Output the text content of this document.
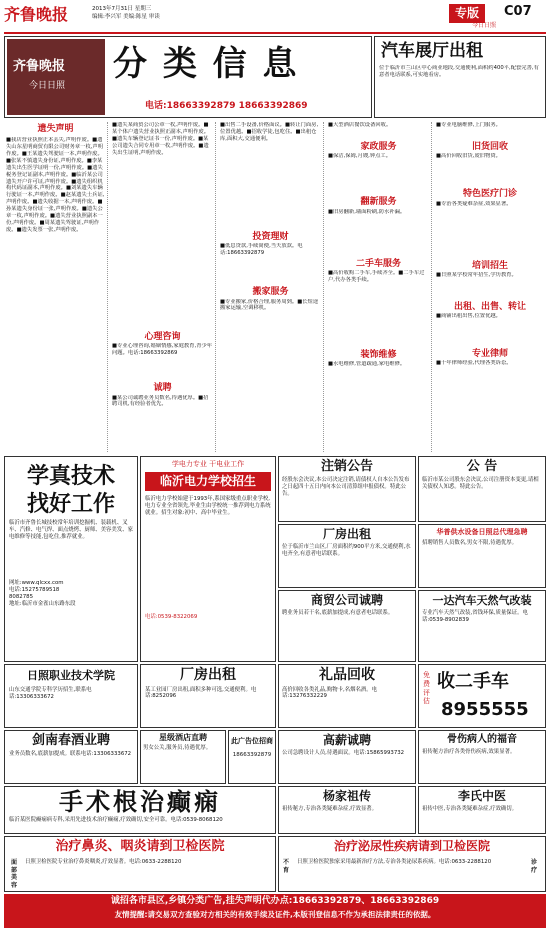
齐鲁晚报	2013年7月31日 星期三
编辑:李兴军 美编:陈星 审读	专版	C07
今日日照
齐鲁晚报
今日日照
分 类 信 息
电话:18663392879 18663392869
汽车展厅出租
位于临沂市兰山区中心商业地段,交通便利,面积约400平,配套完善,有意者电话联系,可实地看房。
遗失声明
■我店营业执照正本丢失,声明作废。■遗失山东星明商贸有限公司财务章一枚,声明作废。■王某遗失驾驶证一本,声明作废。■张某不慎遗失身份证,声明作废。■李某遗失出生医学证明一份,声明作废。■遗失税务登记证副本,声明作废。■临沂某公司遗失开户许可证,声明作废。■遗失组织机构代码证副本,声明作废。■刘某遗失车辆行驶证一本,声明作废。■赵某遗失士兵证,声明作废。■遗失收据一本,声明作废。■孙某遗失身份证一张,声明作废。■遗失公章一枚,声明作废。■遗失营业执照副本一份,声明作废。■周某遗失驾驶证,声明作废。■遗失发票一张,声明作废。
■遗失某商贸公司公章一枚,声明作废。■某个体户遗失营业执照正副本,声明作废。■遗失车辆登记证书一份,声明作废。■某公司遗失合同专用章一枚,声明作废。■遗失出生证明,声明作废。
心理咨询
■专业心理咨询,婚姻情感,家庭教育,青少年问题。电话:18663392869
诚聘
■某公司诚聘业务员数名,待遇优厚。■招聘司机,有经验者优先。
■出售二手设备,价格面议。■转让门面房,位置优越。■招收学徒,包吃住。■出租仓库,面积大,交通便利。
投资理财
■低息贷款,手续简便,当天放款。电话:18663392879
搬家服务
■专业搬家,价格合理,服务周到。■长短途搬家运输,空调移机。
■大型酒店餐饮设备回收。
家政服务
■保洁,保姆,月嫂,钟点工。
翻新服务
■旧房翻新,墙面粉刷,防水补漏。
二手车服务
■高价收购二手车,手续齐全。■二手车过户,代办各类手续。
装饰维修
■水电维修,管道疏通,家电维修。
■专业电脑维修,上门服务。
旧货回收
■高价回收旧货,废旧物资。
特色医疗门诊
■专治各类疑难杂症,效果显著。
培训招生
■日照某学校常年招生,学历教育。
出租、出售、转让
■商铺出租出售,位置优越。
专业律师
■十年律师经验,代理各类诉讼。
学真技术
找好工作
临沂市齐鲁长城技校常年培训挖掘机、装载机、叉车、汽修、电气焊、面点烧烤、厨师、美容美发、家电维修等技能,包吃住,推荐就业。
网址:www.qlcxx.com
电话:15275789518
8082785
地址:临沂市金雀山东路东段
学电力专业 干电业工作
临沂电力学校招生
临沂电力学校始建于1993年,系国家级重点职业学校,电力专业全省领先,毕业生由学校统一推荐到电力系统就业。招生对象:初中、高中毕业生。
电话:0539-8322069
注销公告
经股东会决议,本公司决定注销,请债权人自本公告发布之日起四十五日内向本公司清算组申报债权。特此公告。
公 告
临沂市某公司股东会决议,公司注册资本变更,请相关债权人知悉。特此公告。
厂房出租
位于临沂市兰山区,厂房面积约900平方米,交通便利,水电齐全,有意者电话联系。
华普供水设备日照总代理急聘
招聘销售人员数名,男女不限,待遇优厚。
商贸公司诚聘
聘业务员若干名,底薪加提成,有意者电话联系。
一达汽车天然气改装
专业汽车天然气改装,省钱环保,质量保证。电话:0539-8902839
日照职业技术学院
山东交通学院专科学历招生,联系电话:13306333672
厂房出租
某工业园厂房出租,面积多种可选,交通便利。电话:8252096
礼品回收
高价回收各类礼品,购物卡,名烟名酒。电话:13276332229
免费评估
收二手车
8955555
剑南春酒业聘
业务员数名,底薪加提成。联系电话:13306333672
星级酒店直聘
男女公关,服务员,待遇优厚。
此广告位招商
18663392879
高薪诚聘
公司急聘设计人员,待遇面议。电话:15865993732
骨伤病人的福音
祖传秘方治疗各类骨伤疾病,效果显著。
手术根治癫痫
临沂某医院癫痫病专科,采用先进技术治疗癫痫,疗效确切,安全可靠。电话:0539-8068120
杨家祖传
祖传秘方,专治各类疑难杂症,疗效显著。
李氏中医
祖传中医,专治各类疑难杂症,疗效确切。
治疗鼻炎、咽炎请到卫检医院
面部美容
日照卫检医院专业治疗鼻炎咽炎,疗效显著。电话:0633-2288120
治疗泌尿性疾病请到卫检医院
不育
日照卫检医院独家采用最新治疗方法,专治各类泌尿系疾病。电话:0633-2288120	诊疗
诚招各市县区,乡镇分类广告,挂失声明代办点:18663392879、18663392869
友情提醒:请交易双方查验对方相关的有效手续及证件,本版刊登信息不作为承担法律责任的依据。
